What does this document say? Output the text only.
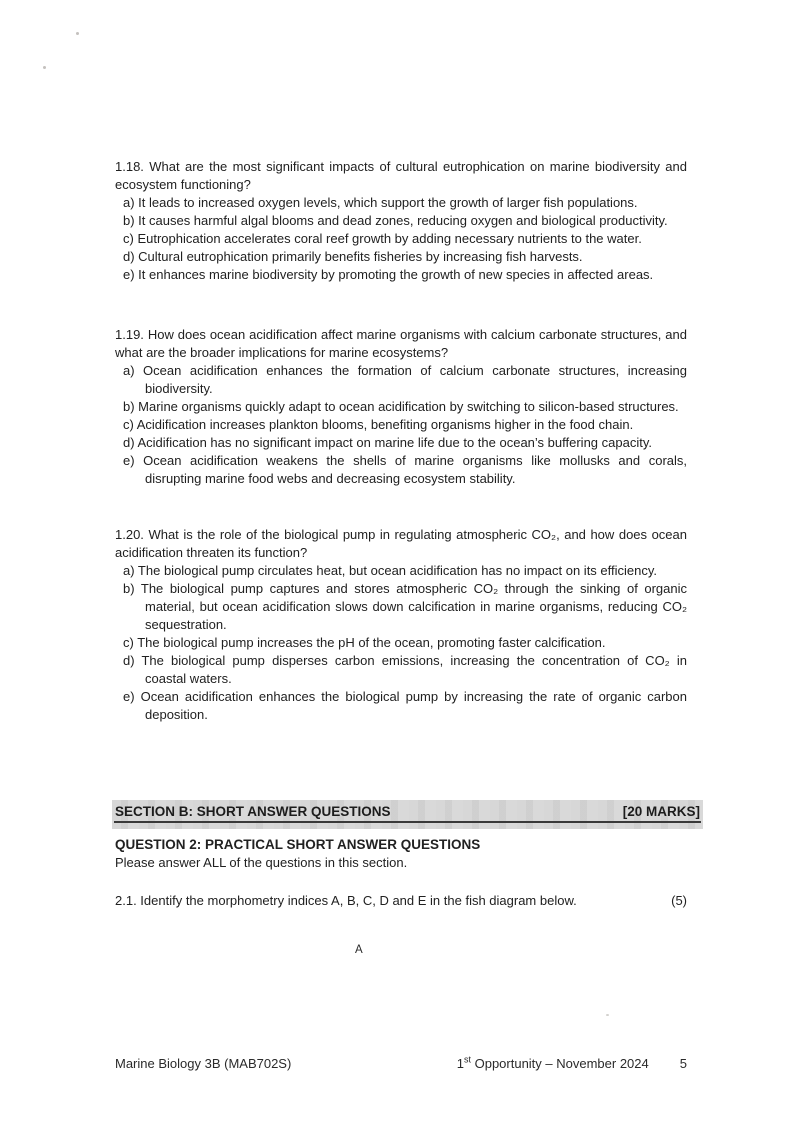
1.18. What are the most significant impacts of cultural eutrophication on marine biodiversity and ecosystem functioning?
a) It leads to increased oxygen levels, which support the growth of larger fish populations.
b) It causes harmful algal blooms and dead zones, reducing oxygen and biological productivity.
c) Eutrophication accelerates coral reef growth by adding necessary nutrients to the water.
d) Cultural eutrophication primarily benefits fisheries by increasing fish harvests.
e) It enhances marine biodiversity by promoting the growth of new species in affected areas.
1.19. How does ocean acidification affect marine organisms with calcium carbonate structures, and what are the broader implications for marine ecosystems?
a) Ocean acidification enhances the formation of calcium carbonate structures, increasing biodiversity.
b) Marine organisms quickly adapt to ocean acidification by switching to silicon-based structures.
c) Acidification increases plankton blooms, benefiting organisms higher in the food chain.
d) Acidification has no significant impact on marine life due to the ocean’s buffering capacity.
e) Ocean acidification weakens the shells of marine organisms like mollusks and corals, disrupting marine food webs and decreasing ecosystem stability.
1.20. What is the role of the biological pump in regulating atmospheric CO₂, and how does ocean acidification threaten its function?
a) The biological pump circulates heat, but ocean acidification has no impact on its efficiency.
b) The biological pump captures and stores atmospheric CO₂ through the sinking of organic material, but ocean acidification slows down calcification in marine organisms, reducing CO₂ sequestration.
c) The biological pump increases the pH of the ocean, promoting faster calcification.
d) The biological pump disperses carbon emissions, increasing the concentration of CO₂ in coastal waters.
e) Ocean acidification enhances the biological pump by increasing the rate of organic carbon deposition.
SECTION B: SHORT ANSWER QUESTIONS	[20 MARKS]
QUESTION 2: PRACTICAL SHORT ANSWER QUESTIONS
Please answer ALL of the questions in this section.
2.1. Identify the morphometry indices A, B, C, D and E in the fish diagram below.	(5)
A
Marine Biology 3B (MAB702S)	1st Opportunity – November 2024 5
